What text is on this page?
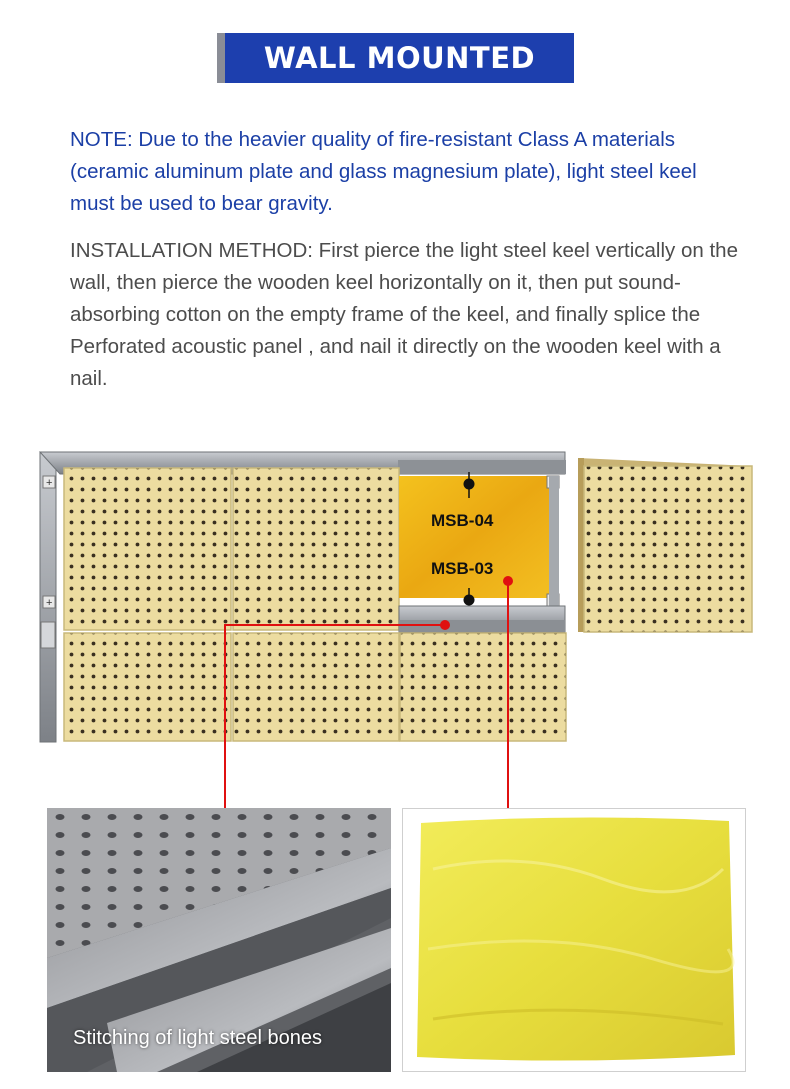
WALL MOUNTED
NOTE: Due to the heavier quality of fire-resistant Class A materials (ceramic aluminum plate and glass magnesium plate), light steel keel must be used to bear gravity.
INSTALLATION METHOD: First pierce the light steel keel vertically on the wall, then pierce the wooden keel horizontally on it, then put sound-absorbing cotton on the empty frame of the keel, and finally splice the Perforated acoustic panel , and nail it directly on the wooden keel with a nail.
+
+
MSB-04
MSB-03
Stitching of light steel bones
